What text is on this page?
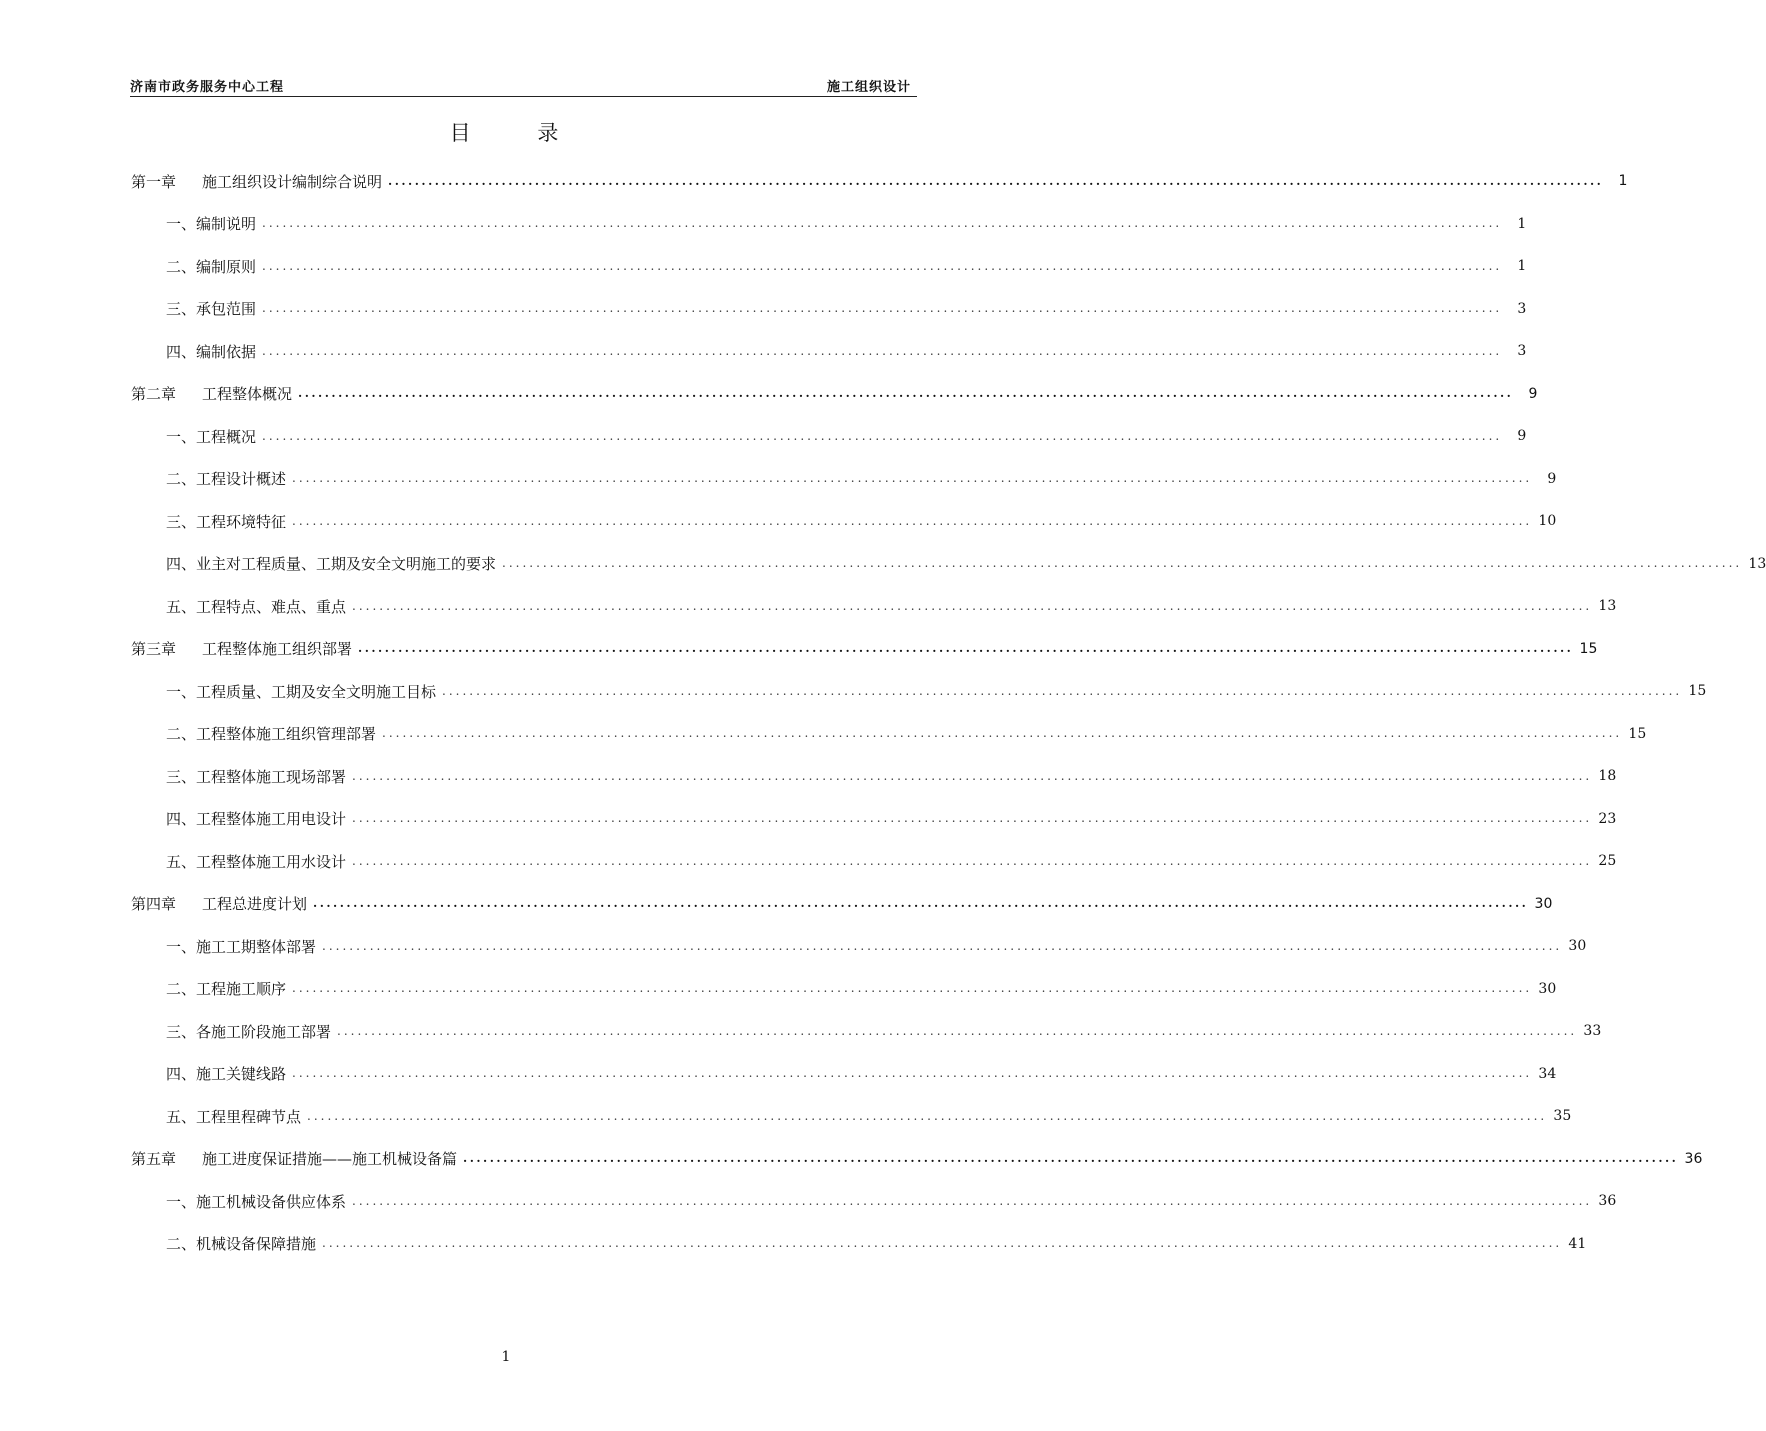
济南市政务服务中心工程	施工组织设计
目 录
第一章	施工组织设计编制综合说明 ......................................................................................................................................................................................	1
一、编制说明 ......................................................................................................................................................................................	1
二、编制原则 ......................................................................................................................................................................................	1
三、承包范围 ......................................................................................................................................................................................	3
四、编制依据 ......................................................................................................................................................................................	3
第二章	工程整体概况 ......................................................................................................................................................................................	9
一、工程概况 ......................................................................................................................................................................................	9
二、工程设计概述 ......................................................................................................................................................................................	9
三、工程环境特征 ...................................................................................................................................................................................... 10
四、业主对工程质量、工期及安全文明施工的要求 ...................................................................................................................................................................................... 13
五、工程特点、难点、重点 ...................................................................................................................................................................................... 13
第三章	工程整体施工组织部署 ...................................................................................................................................................................................... 15
一、工程质量、工期及安全文明施工目标 ...................................................................................................................................................................................... 15
二、工程整体施工组织管理部署 ...................................................................................................................................................................................... 15
三、工程整体施工现场部署 ...................................................................................................................................................................................... 18
四、工程整体施工用电设计 ...................................................................................................................................................................................... 23
五、工程整体施工用水设计 ...................................................................................................................................................................................... 25
第四章	工程总进度计划 ...................................................................................................................................................................................... 30
一、施工工期整体部署 ...................................................................................................................................................................................... 30
二、工程施工顺序 ...................................................................................................................................................................................... 30
三、各施工阶段施工部署 ...................................................................................................................................................................................... 33
四、施工关键线路 ...................................................................................................................................................................................... 34
五、工程里程碑节点 ...................................................................................................................................................................................... 35
第五章	施工进度保证措施——施工机械设备篇 ...................................................................................................................................................................................... 36
一、施工机械设备供应体系 ...................................................................................................................................................................................... 36
二、机械设备保障措施 ...................................................................................................................................................................................... 41
1
